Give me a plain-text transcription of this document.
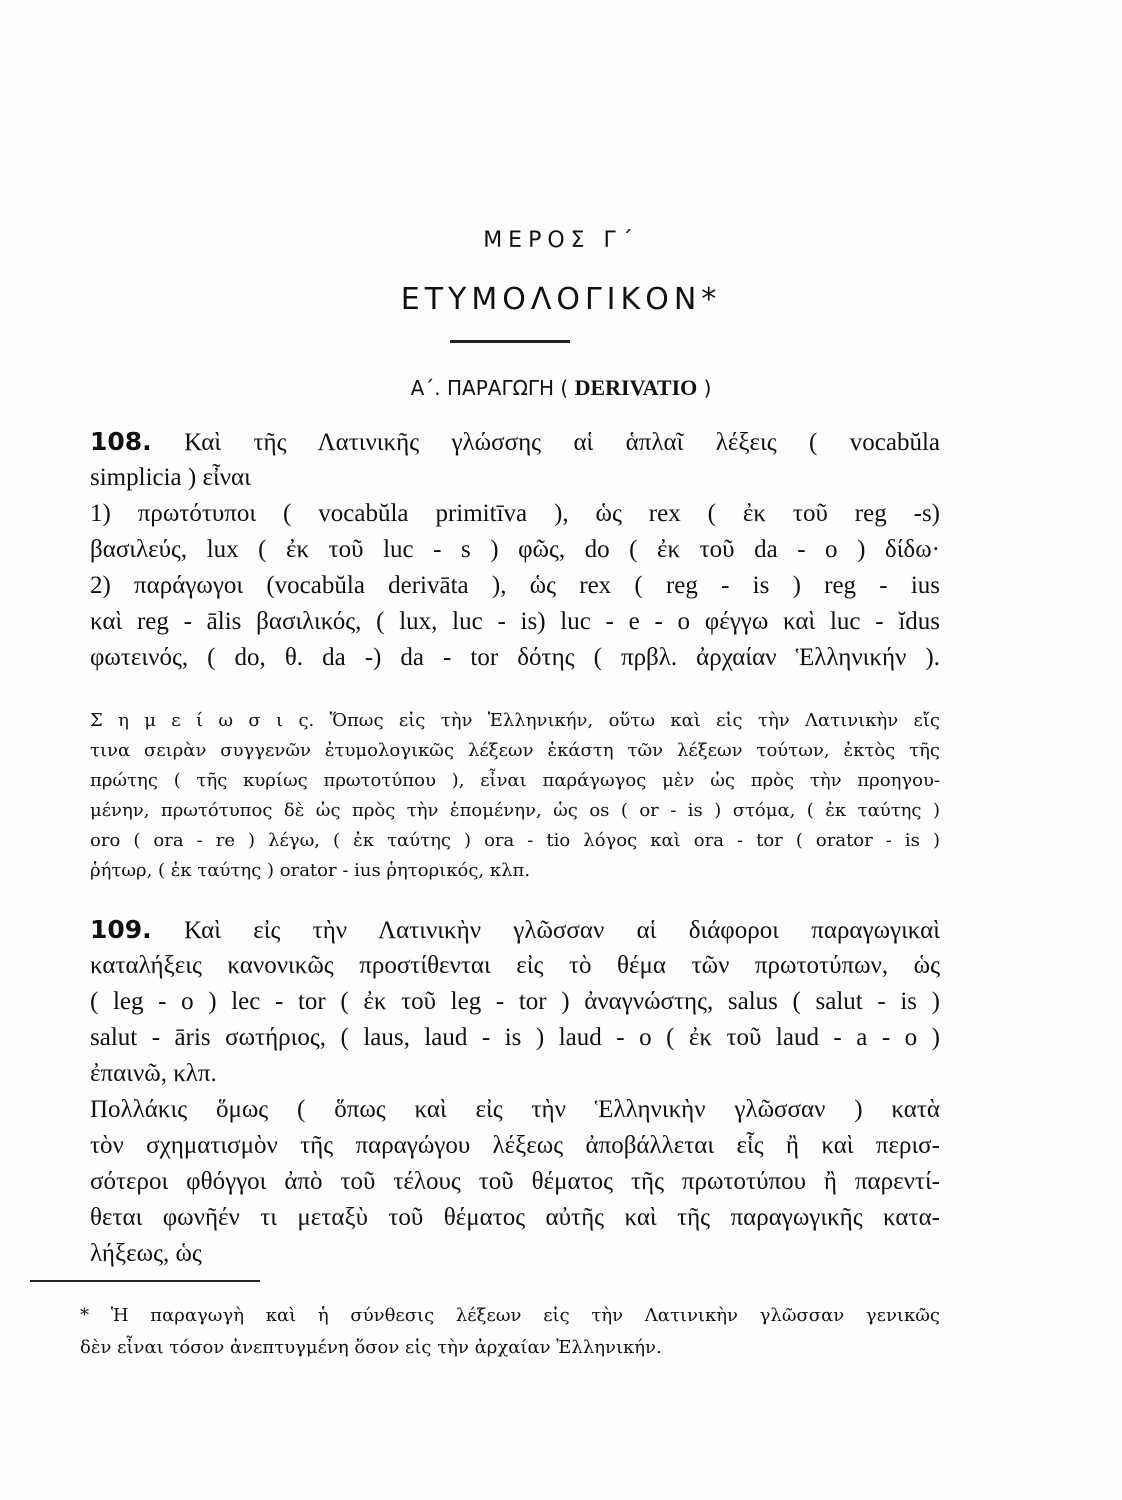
ΜΕΡΟΣ Γ΄
ΕΤΥΜΟΛΟΓΙΚΟΝ*
Α΄. ΠΑΡΑΓΩΓΗ ( DERIVATIO )
108. Καὶ τῆς Λατινικῆς γλώσσης αἱ ἁπλαῖ λέξεις ( vocabŭla
simplicia ) εἶναι
1) πρωτότυποι ( vocabŭla primitīva ), ὡς rex ( ἐκ τοῦ reg -s)
βασιλεύς, lux ( ἐκ τοῦ luc - s ) φῶς, do ( ἐκ τοῦ da - o ) δίδω·
2) παράγωγοι (vocabŭla derivāta ), ὡς rex ( reg - is ) reg - ius
καὶ reg - ālis βασιλικός, ( lux, luc - is) luc - e - o φέγγω καὶ luc - ĭdus
φωτεινός, ( do, θ. da -) da - tor δότης ( πρβλ. ἀρχαίαν Ἑλληνικήν ).
Σ η μ ε ί ω σ ι ς. Ὅπως εἰς τὴν Ἑλληνικήν, οὕτω καὶ εἰς τὴν Λατινικὴν εἴς
τινα σειρὰν συγγενῶν ἐτυμολογικῶς λέξεων ἑκάστη τῶν λέξεων τούτων, ἐκτὸς τῆς
πρώτης ( τῆς κυρίως πρωτοτύπου ), εἶναι παράγωγος μὲν ὡς πρὸς τὴν προηγου-
μένην, πρωτότυπος δὲ ὡς πρὸς τὴν ἑπομένην, ὡς os ( or - is ) στόμα, ( ἐκ ταύτης )
oro ( ora - re ) λέγω, ( ἐκ ταύτης ) ora - tio λόγος καὶ ora - tor ( orator - is )
ῥήτωρ, ( ἐκ ταύτης ) orator - ius ῥητορικός, κλπ.
109. Καὶ εἰς τὴν Λατινικὴν γλῶσσαν αἱ διάφοροι παραγωγικαὶ
καταλήξεις κανονικῶς προστίθενται εἰς τὸ θέμα τῶν πρωτοτύπων, ὡς
( leg - o ) lec - tor ( ἐκ τοῦ leg - tor ) ἀναγνώστης, salus ( salut - is )
salut - āris σωτήριος, ( laus, laud - is ) laud - o ( ἐκ τοῦ laud - a - o )
ἐπαινῶ, κλπ.
Πολλάκις ὅμως ( ὅπως καὶ εἰς τὴν Ἑλληνικὴν γλῶσσαν ) κατὰ
τὸν σχηματισμὸν τῆς παραγώγου λέξεως ἀποβάλλεται εἷς ἢ καὶ περισ-
σότεροι φθόγγοι ἀπὸ τοῦ τέλους τοῦ θέματος τῆς πρωτοτύπου ἢ παρεντί-
θεται φωνῆέν τι μεταξὺ τοῦ θέματος αὐτῆς καὶ τῆς παραγωγικῆς κατα-
λήξεως, ὡς
* Ἡ παραγωγὴ καὶ ἡ σύνθεσις λέξεων εἰς τὴν Λατινικὴν γλῶσσαν γενικῶς
δὲν εἶναι τόσον ἀνεπτυγμένη ὅσον εἰς τὴν ἀρχαίαν Ἑλληνικήν.
